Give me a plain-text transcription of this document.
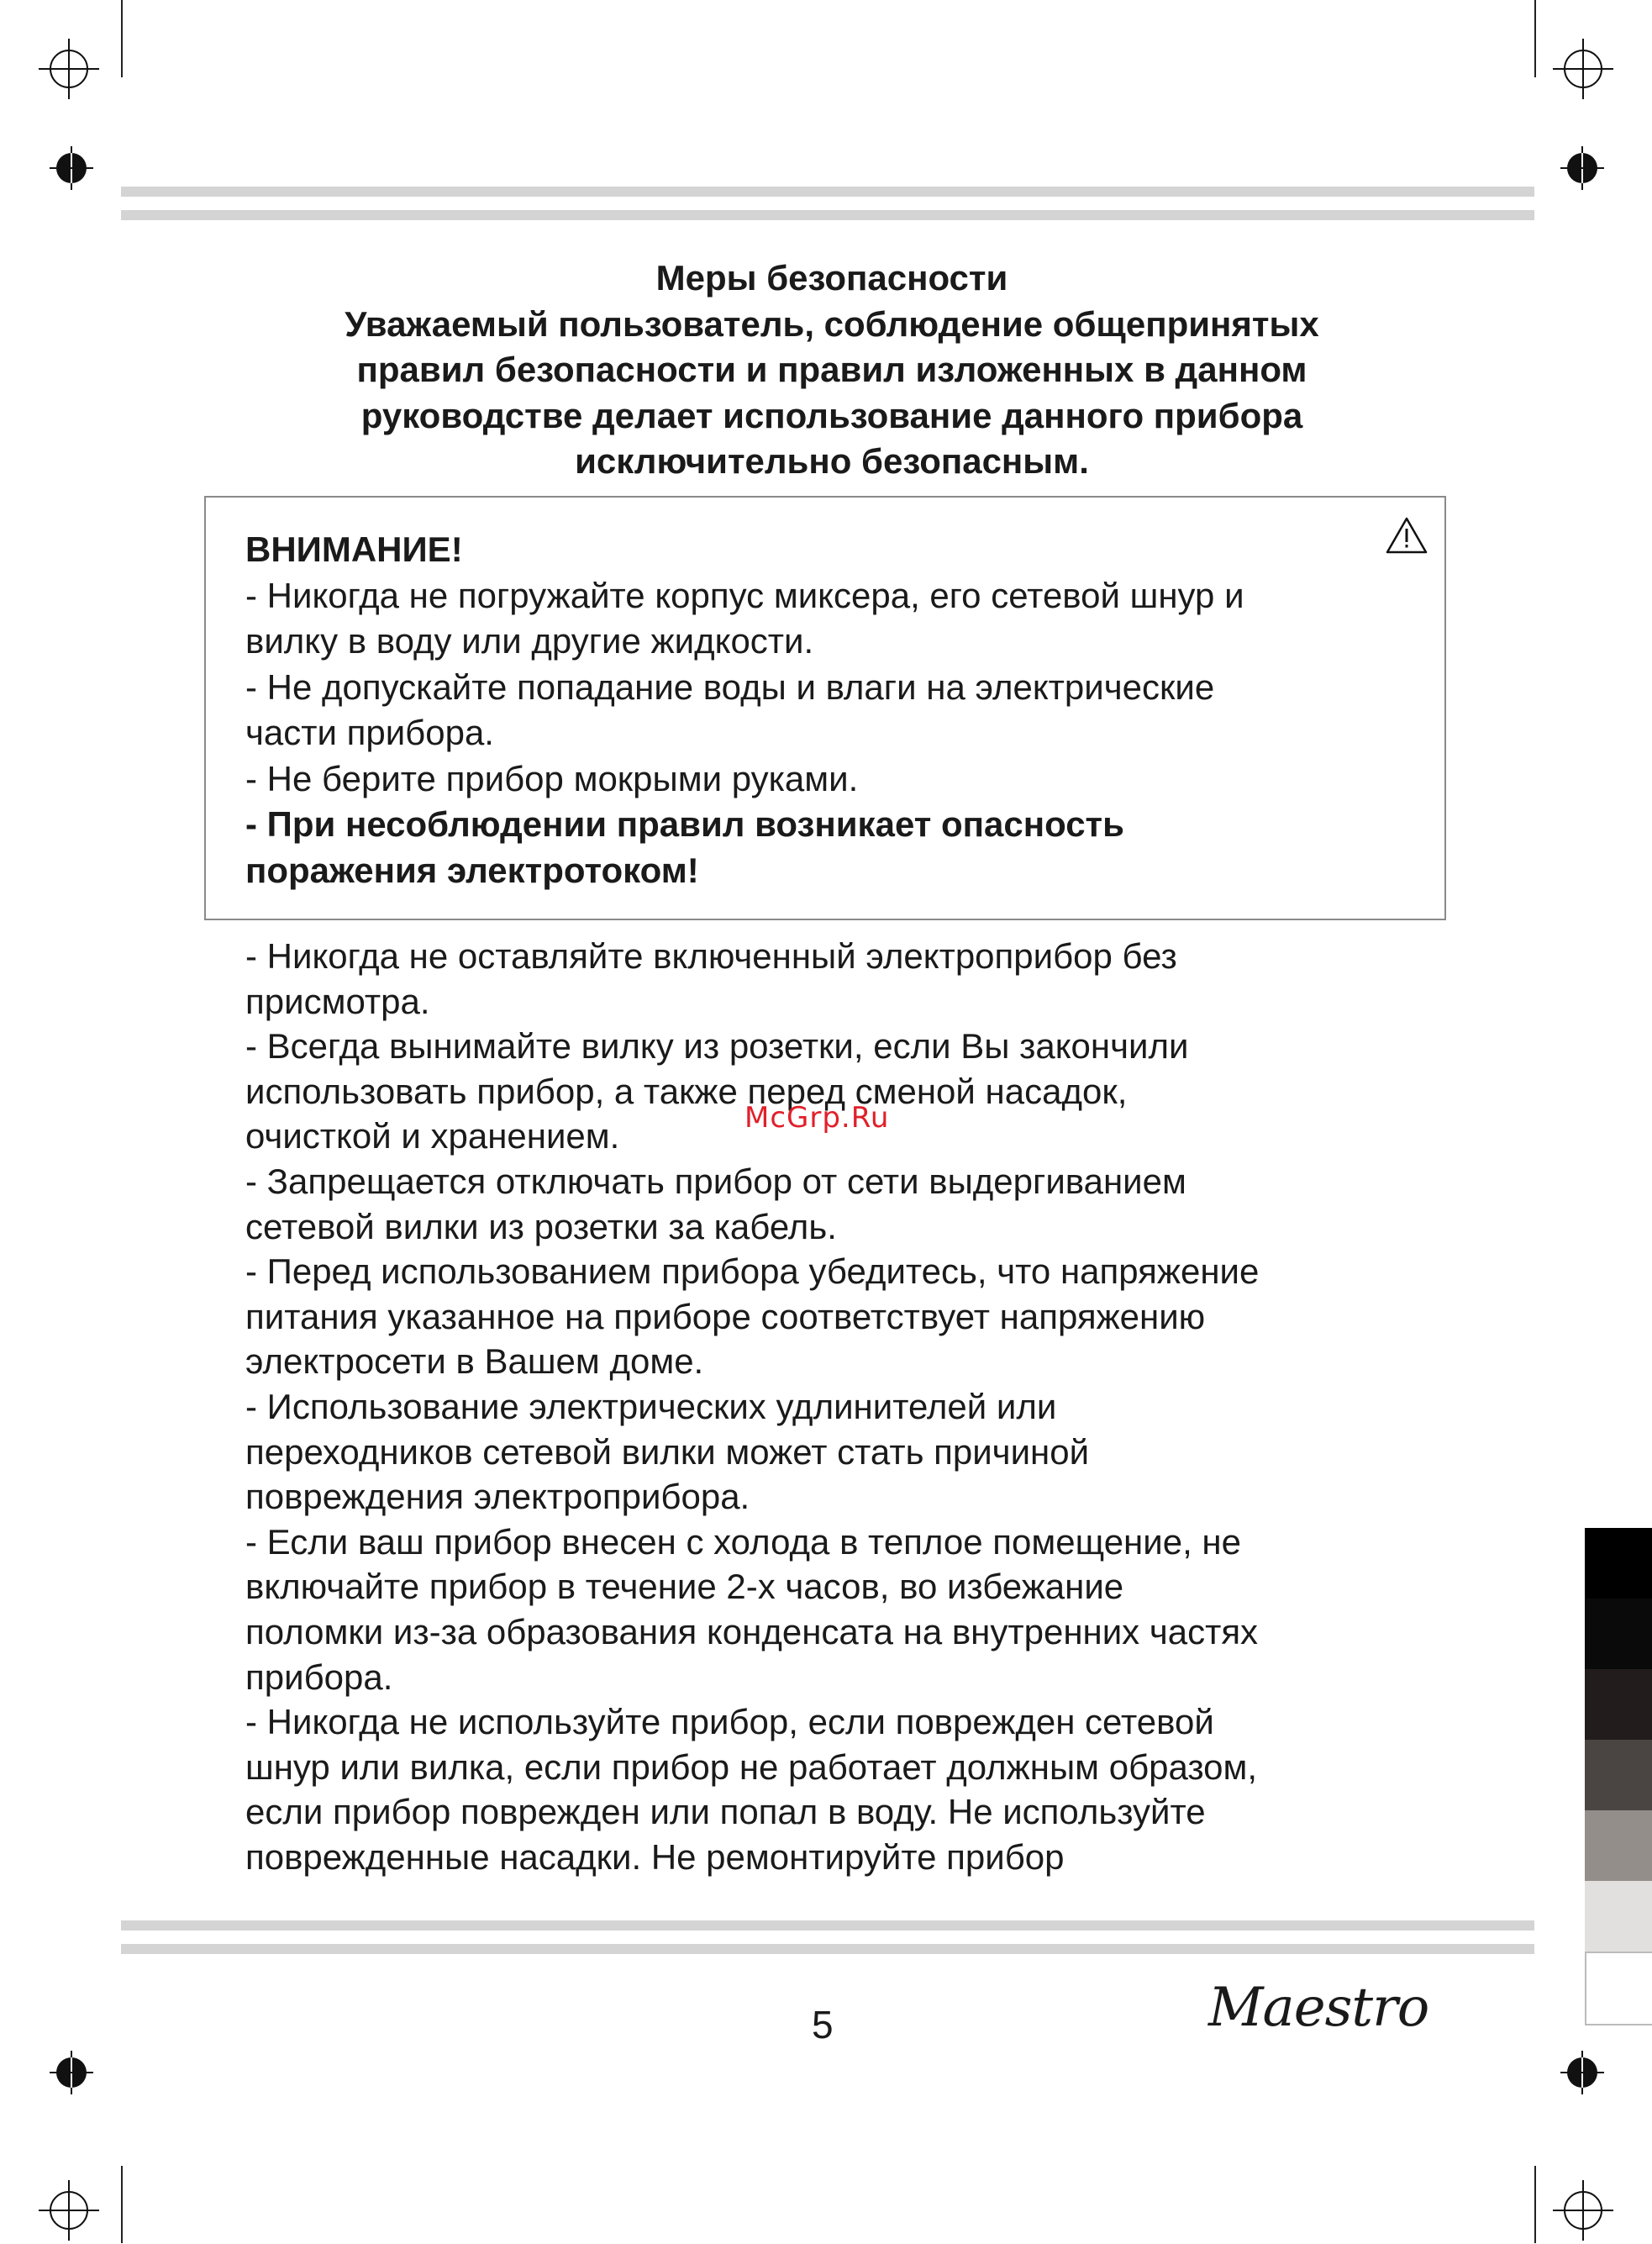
Меры безопасности
Уважаемый пользователь, соблюдение общепринятых
правил безопасности и правил изложенных в данном
руководстве делает использование данного прибора
исключительно безопасным.
ВНИМАНИЕ!
- Никогда не погружайте корпус миксера, его сетевой шнур и
вилку в воду или другие жидкости.
- Не допускайте попадание воды и влаги на электрические
части прибора.
- Не берите прибор мокрыми руками.
- При несоблюдении правил возникает опасность
поражения электротоком!
- Никогда не оставляйте включенный электроприбор без
присмотра.
- Всегда вынимайте вилку из розетки, если Вы закончили
использовать прибор, а также перед сменой насадок,
очисткой и хранением.
- Запрещается отключать прибор от сети выдергиванием
сетевой вилки из розетки за кабель.
- Перед использованием прибора убедитесь, что напряжение
питания указанное на приборе соответствует напряжению
электросети в Вашем доме.
- Использование электрических удлинителей или
переходников сетевой вилки может стать причиной
повреждения электроприбора.
- Если ваш прибор внесен с холода в теплое помещение, не
включайте прибор в течение 2-х часов, во избежание
поломки из-за образования конденсата на внутренних частях
прибора.
- Никогда не используйте прибор, если поврежден сетевой
шнур или вилка, если прибор не работает должным образом,
если прибор поврежден или попал в воду. Не используйте
поврежденные насадки. Не ремонтируйте прибор
McGrp.Ru
5	Maestro
